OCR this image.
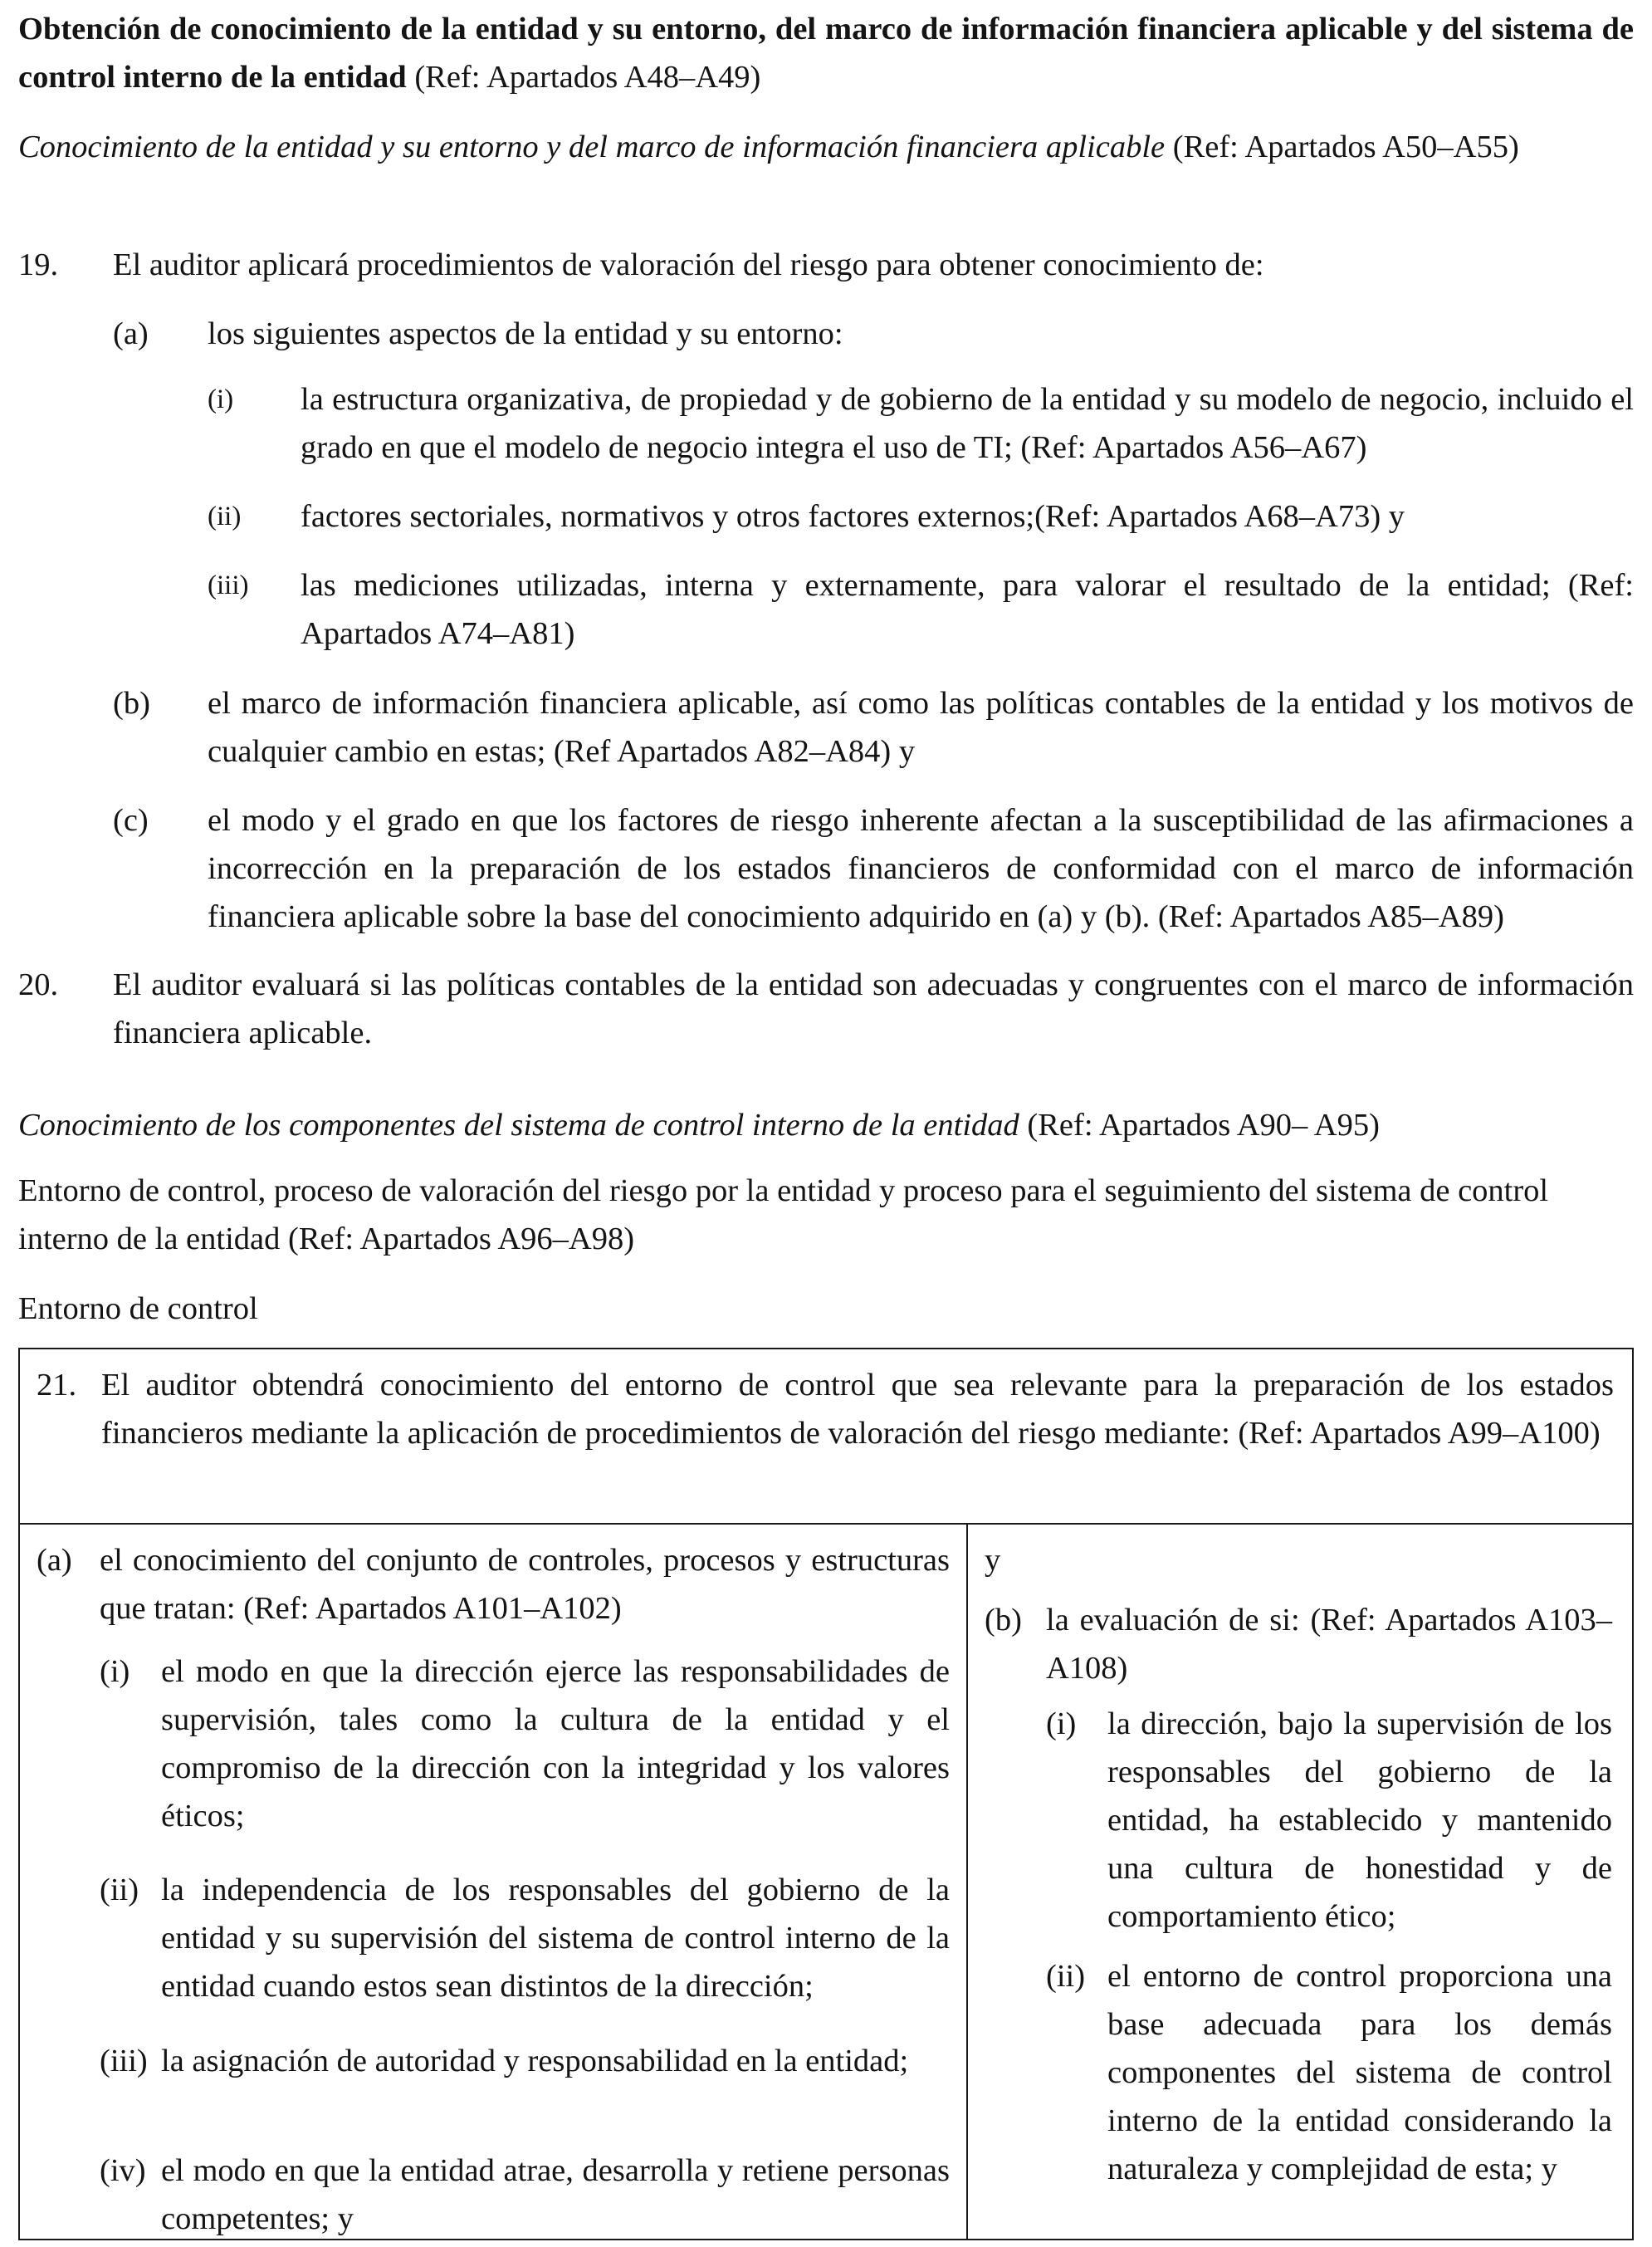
Obtención de conocimiento de la entidad y su entorno, del marco de información financiera aplicable y del sistema de control interno de la entidad (Ref: Apartados A48–A49)

Conocimiento de la entidad y su entorno y del marco de información financiera aplicable (Ref: Apartados A50–A55)

19.	El auditor aplicará procedimientos de valoración del riesgo para obtener conocimiento de:
(a)	los siguientes aspectos de la entidad y su entorno:
(i)	la estructura organizativa, de propiedad y de gobierno de la entidad y su modelo de negocio, incluido el grado en que el modelo de negocio integra el uso de TI; (Ref: Apartados A56–A67)
(ii)	factores sectoriales, normativos y otros factores externos;(Ref: Apartados A68–A73) y
(iii)	las mediciones utilizadas, interna y externamente, para valorar el resultado de la entidad; (Ref: Apartados A74–A81)
(b)	el marco de información financiera aplicable, así como las políticas contables de la entidad y los motivos de cualquier cambio en estas; (Ref Apartados A82–A84) y
(c)	el modo y el grado en que los factores de riesgo inherente afectan a la susceptibilidad de las afirmaciones a incorrección en la preparación de los estados financieros de conformidad con el marco de información financiera aplicable sobre la base del conocimiento adquirido en (a) y (b). (Ref: Apartados A85–A89)
20.	El auditor evaluará si las políticas contables de la entidad son adecuadas y congruentes con el marco de información financiera aplicable.

Conocimiento de los componentes del sistema de control interno de la entidad (Ref: Apartados A90– A95)

Entorno de control, proceso de valoración del riesgo por la entidad y proceso para el seguimiento del sistema de control interno de la entidad (Ref: Apartados A96–A98)

Entorno de control

21. El auditor obtendrá conocimiento del entorno de control que sea relevante para la preparación de los estados financieros mediante la aplicación de procedimientos de valoración del riesgo mediante: (Ref: Apartados A99–A100)
(a) el conocimiento del conjunto de controles, procesos y estructuras que tratan: (Ref: Apartados A101–A102)
(i) el modo en que la dirección ejerce las responsabilidades de supervisión, tales como la cultura de la entidad y el compromiso de la dirección con la integridad y los valores éticos;
(ii) la independencia de los responsables del gobierno de la entidad y su supervisión del sistema de control interno de la entidad cuando estos sean distintos de la dirección;
(iii) la asignación de autoridad y responsabilidad en la entidad;
(iv) el modo en que la entidad atrae, desarrolla y retiene personas competentes; y

y

(b) la evaluación de si: (Ref: Apartados A103–A108)
(i) la dirección, bajo la supervisión de los responsables del gobierno de la entidad, ha establecido y mantenido una cultura de honestidad y de comportamiento ético;
(ii) el entorno de control proporciona una base adecuada para los demás componentes del sistema de control interno de la entidad considerando la naturaleza y complejidad de esta; y
